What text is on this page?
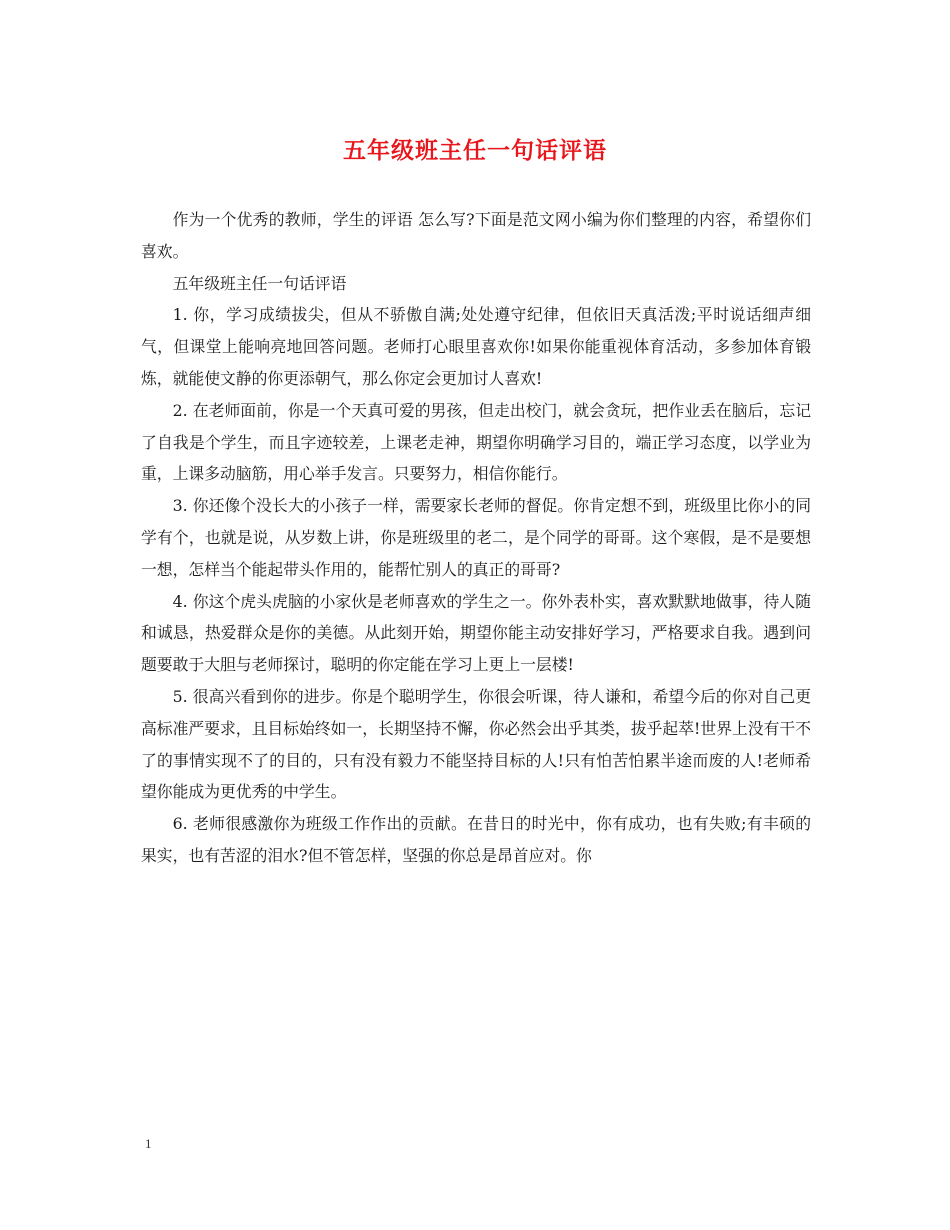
五年级班主任一句话评语

作为一个优秀的教师，学生的评语 怎么写?下面是范文网小编为你们整理的内容，希望你们喜欢。

五年级班主任一句话评语

1. 你，学习成绩拔尖，但从不骄傲自满;处处遵守纪律，但依旧天真活泼;平时说话细声细气，但课堂上能响亮地回答问题。老师打心眼里喜欢你!如果你能重视体育活动，多参加体育锻炼，就能使文静的你更添朝气，那么你定会更加讨人喜欢!

2. 在老师面前，你是一个天真可爱的男孩，但走出校门，就会贪玩，把作业丢在脑后，忘记了自我是个学生，而且字迹较差，上课老走神，期望你明确学习目的，端正学习态度，以学业为重，上课多动脑筋，用心举手发言。只要努力，相信你能行。

3. 你还像个没长大的小孩子一样，需要家长老师的督促。你肯定想不到，班级里比你小的同学有个，也就是说，从岁数上讲，你是班级里的老二，是个同学的哥哥。这个寒假，是不是要想一想，怎样当个能起带头作用的，能帮忙别人的真正的哥哥?

4. 你这个虎头虎脑的小家伙是老师喜欢的学生之一。你外表朴实，喜欢默默地做事，待人随和诚恳，热爱群众是你的美德。从此刻开始，期望你能主动安排好学习，严格要求自我。遇到问题要敢于大胆与老师探讨，聪明的你定能在学习上更上一层楼!

5. 很高兴看到你的进步。你是个聪明学生，你很会听课，待人谦和，希望今后的你对自己更高标准严要求，且目标始终如一，长期坚持不懈，你必然会出乎其类，拔乎起萃!世界上没有干不了的事情实现不了的目的，只有没有毅力不能坚持目标的人!只有怕苦怕累半途而废的人!老师希望你能成为更优秀的中学生。

6. 老师很感激你为班级工作作出的贡献。在昔日的时光中，你有成功，也有失败;有丰硕的果实，也有苦涩的泪水?但不管怎样，坚强的你总是昂首应对。你

1
